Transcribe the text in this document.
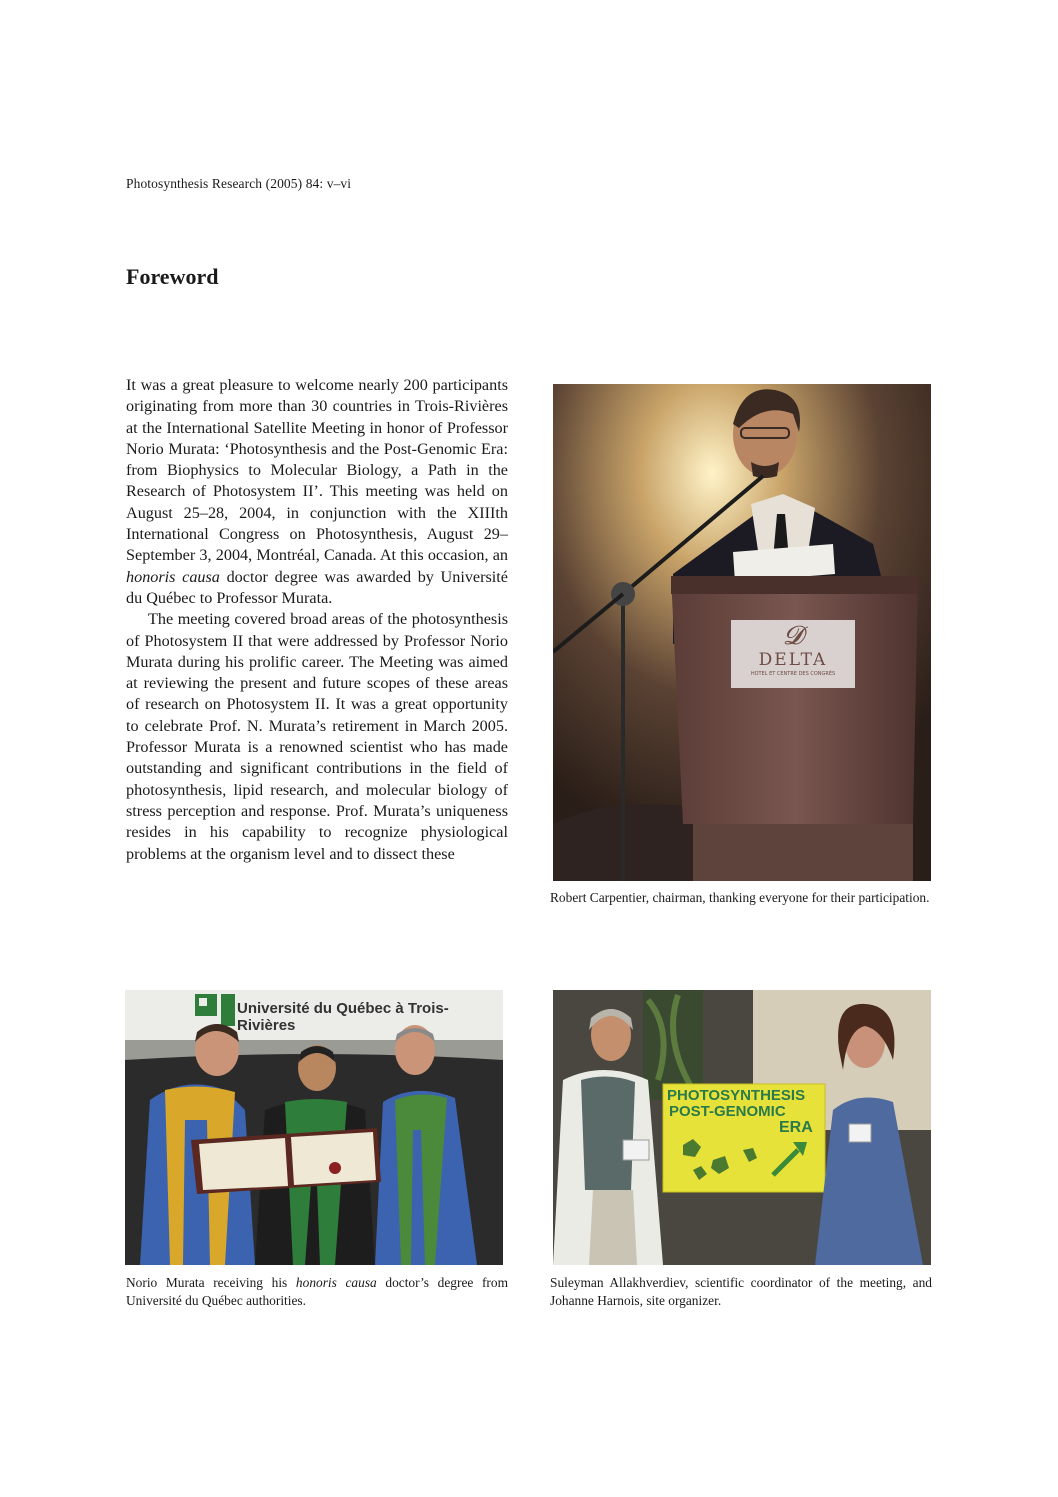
Photosynthesis Research (2005) 84: v–vi
Foreword

It was a great pleasure to welcome nearly 200 participants originating from more than 30 countries in Trois-Rivières at the International Satellite Meeting in honor of Professor Norio Murata: ‘Photosynthesis and the Post-Genomic Era: from Biophysics to Molecular Biology, a Path in the Research of Photosystem II’. This meeting was held on August 25–28, 2004, in conjunction with the XIIIth International Congress on Photosynthesis, August 29–September 3, 2004, Montréal, Canada. At this occasion, an honoris causa doctor degree was awarded by Université du Québec to Professor Murata.

The meeting covered broad areas of the photosynthesis of Photosystem II that were addressed by Professor Norio Murata during his prolific career. The Meeting was aimed at reviewing the present and future scopes of these areas of research on Photosystem II. It was a great opportunity to celebrate Prof. N. Murata’s retirement in March 2005. Professor Murata is a renowned scientist who has made outstanding and significant contributions in the field of photosynthesis, lipid research, and molecular biology of stress perception and response. Prof. Murata’s uniqueness resides in his capability to recognize physiological problems at the organism level and to dissect these

𝓓
DELTA
HOTEL ET CENTRE DES CONGRÈS
Robert Carpentier, chairman, thanking everyone for their participation.
Université du Québec à Trois-Rivières
Norio Murata receiving his honoris causa doctor’s degree from Université du Québec authorities.
PHOTOSYNTHESIS
POST-GENOMIC
ERA
Suleyman Allakhverdiev, scientific coordinator of the meeting, and Johanne Harnois, site organizer.
